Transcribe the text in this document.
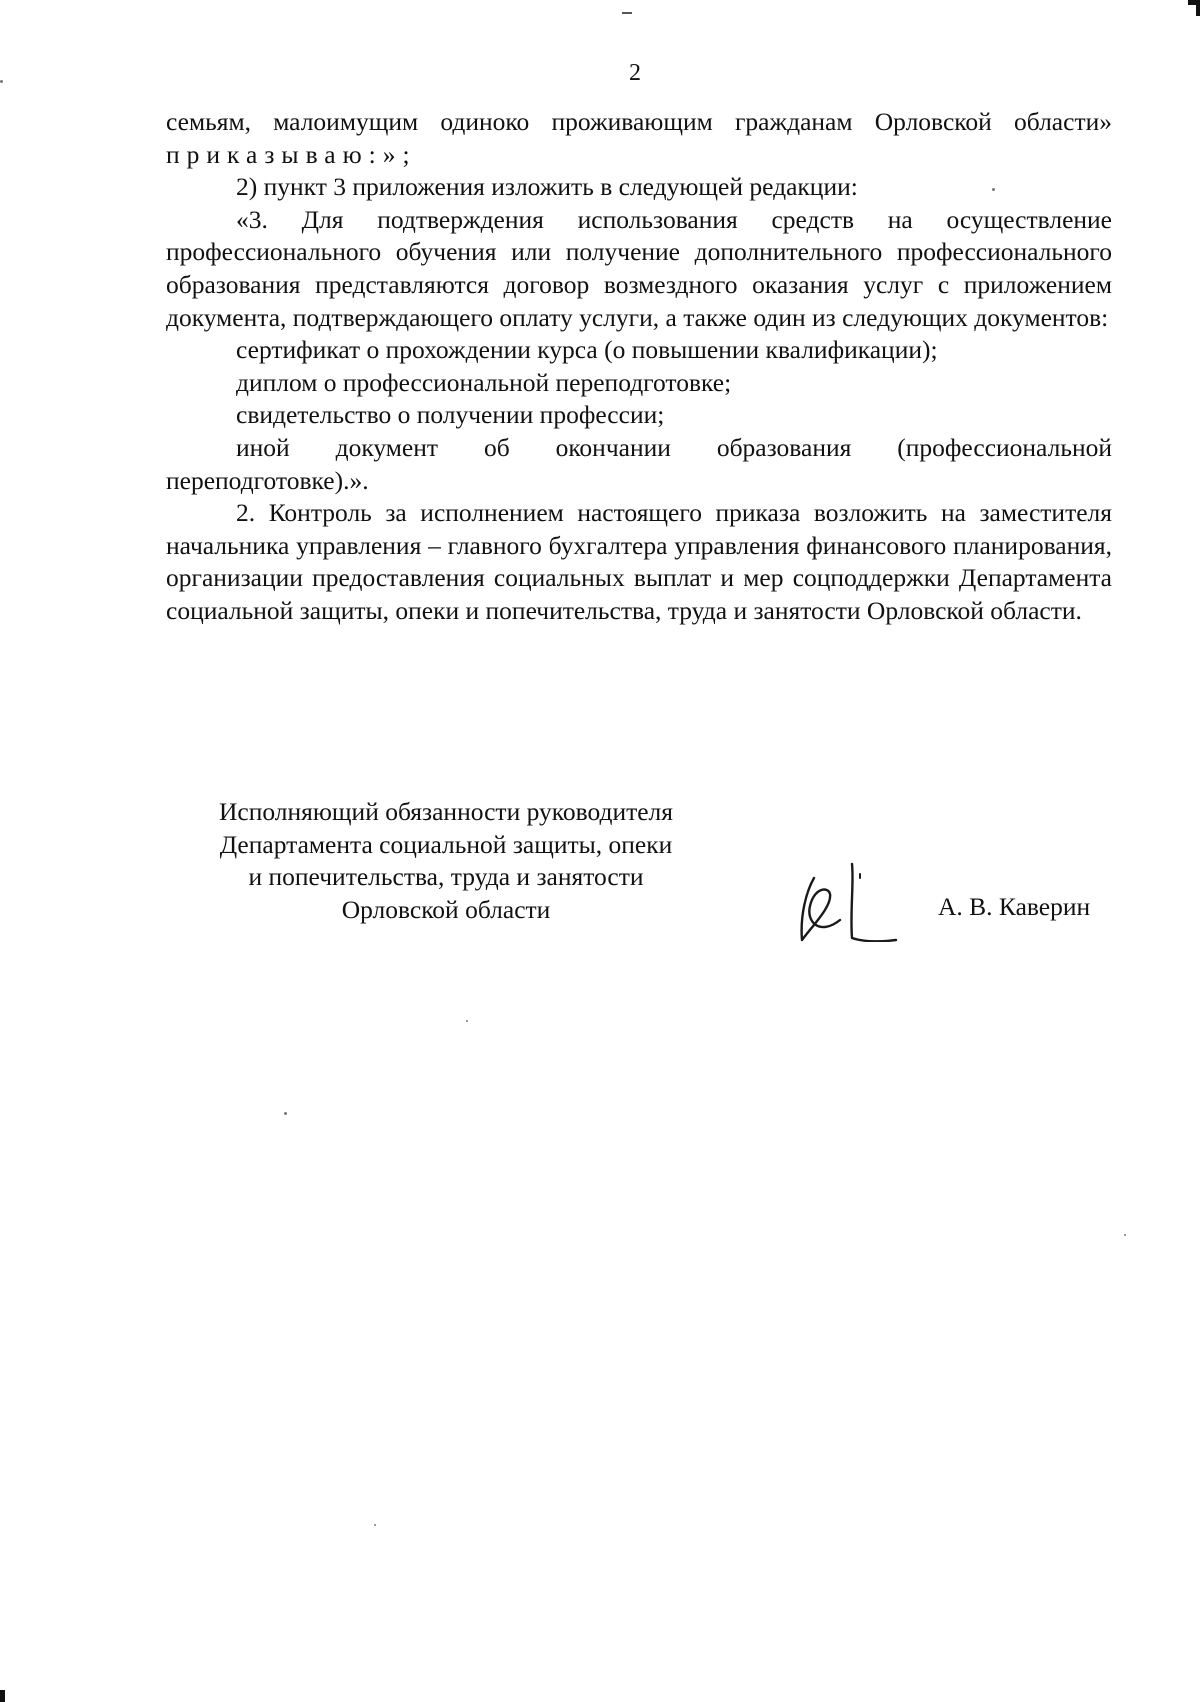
2

семьям, малоимущим одиноко проживающим гражданам Орловской области»

приказываю:»;

2) пункт 3 приложения изложить в следующей редакции:

«3. Для подтверждения использования средств на осуществление профессионального обучения или получение дополнительного профессионального образования представляются договор возмездного оказания услуг с приложением документа, подтверждающего оплату услуги, а также один из следующих документов:

сертификат о прохождении курса (о повышении квалификации);

диплом о профессиональной переподготовке;

свидетельство о получении профессии;

иной документ об окончании образования (профессиональной переподготовке).».

2. Контроль за исполнением настоящего приказа возложить на заместителя начальника управления – главного бухгалтера управления финансового планирования, организации предоставления социальных выплат и мер соцподдержки Департамента социальной защиты, опеки и попечительства, труда и занятости Орловской области.

Исполняющий обязанности руководителя
Департамента социальной защиты, опеки
и попечительства, труда и занятости
Орловской области	А. В. Каверин
